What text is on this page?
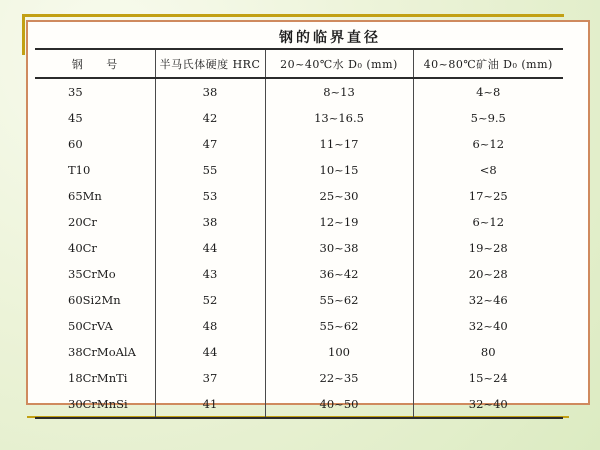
钢的临界直径
钢　　号	半马氏体硬度 HRC	20~40℃水 D₀ (mm)	40~80℃矿油 D₀ (mm)
35	38	8~13	4~8
45	42	13~16.5	5~9.5
60	47	11~17	6~12
T10	55	10~15	<8
65Mn	53	25~30	17~25
20Cr	38	12~19	6~12
40Cr	44	30~38	19~28
35CrMo	43	36~42	20~28
60Si2Mn	52	55~62	32~46
50CrVA	48	55~62	32~40
38CrMoAlA	44	100	80
18CrMnTi	37	22~35	15~24
30CrMnSi	41	40~50	32~40
